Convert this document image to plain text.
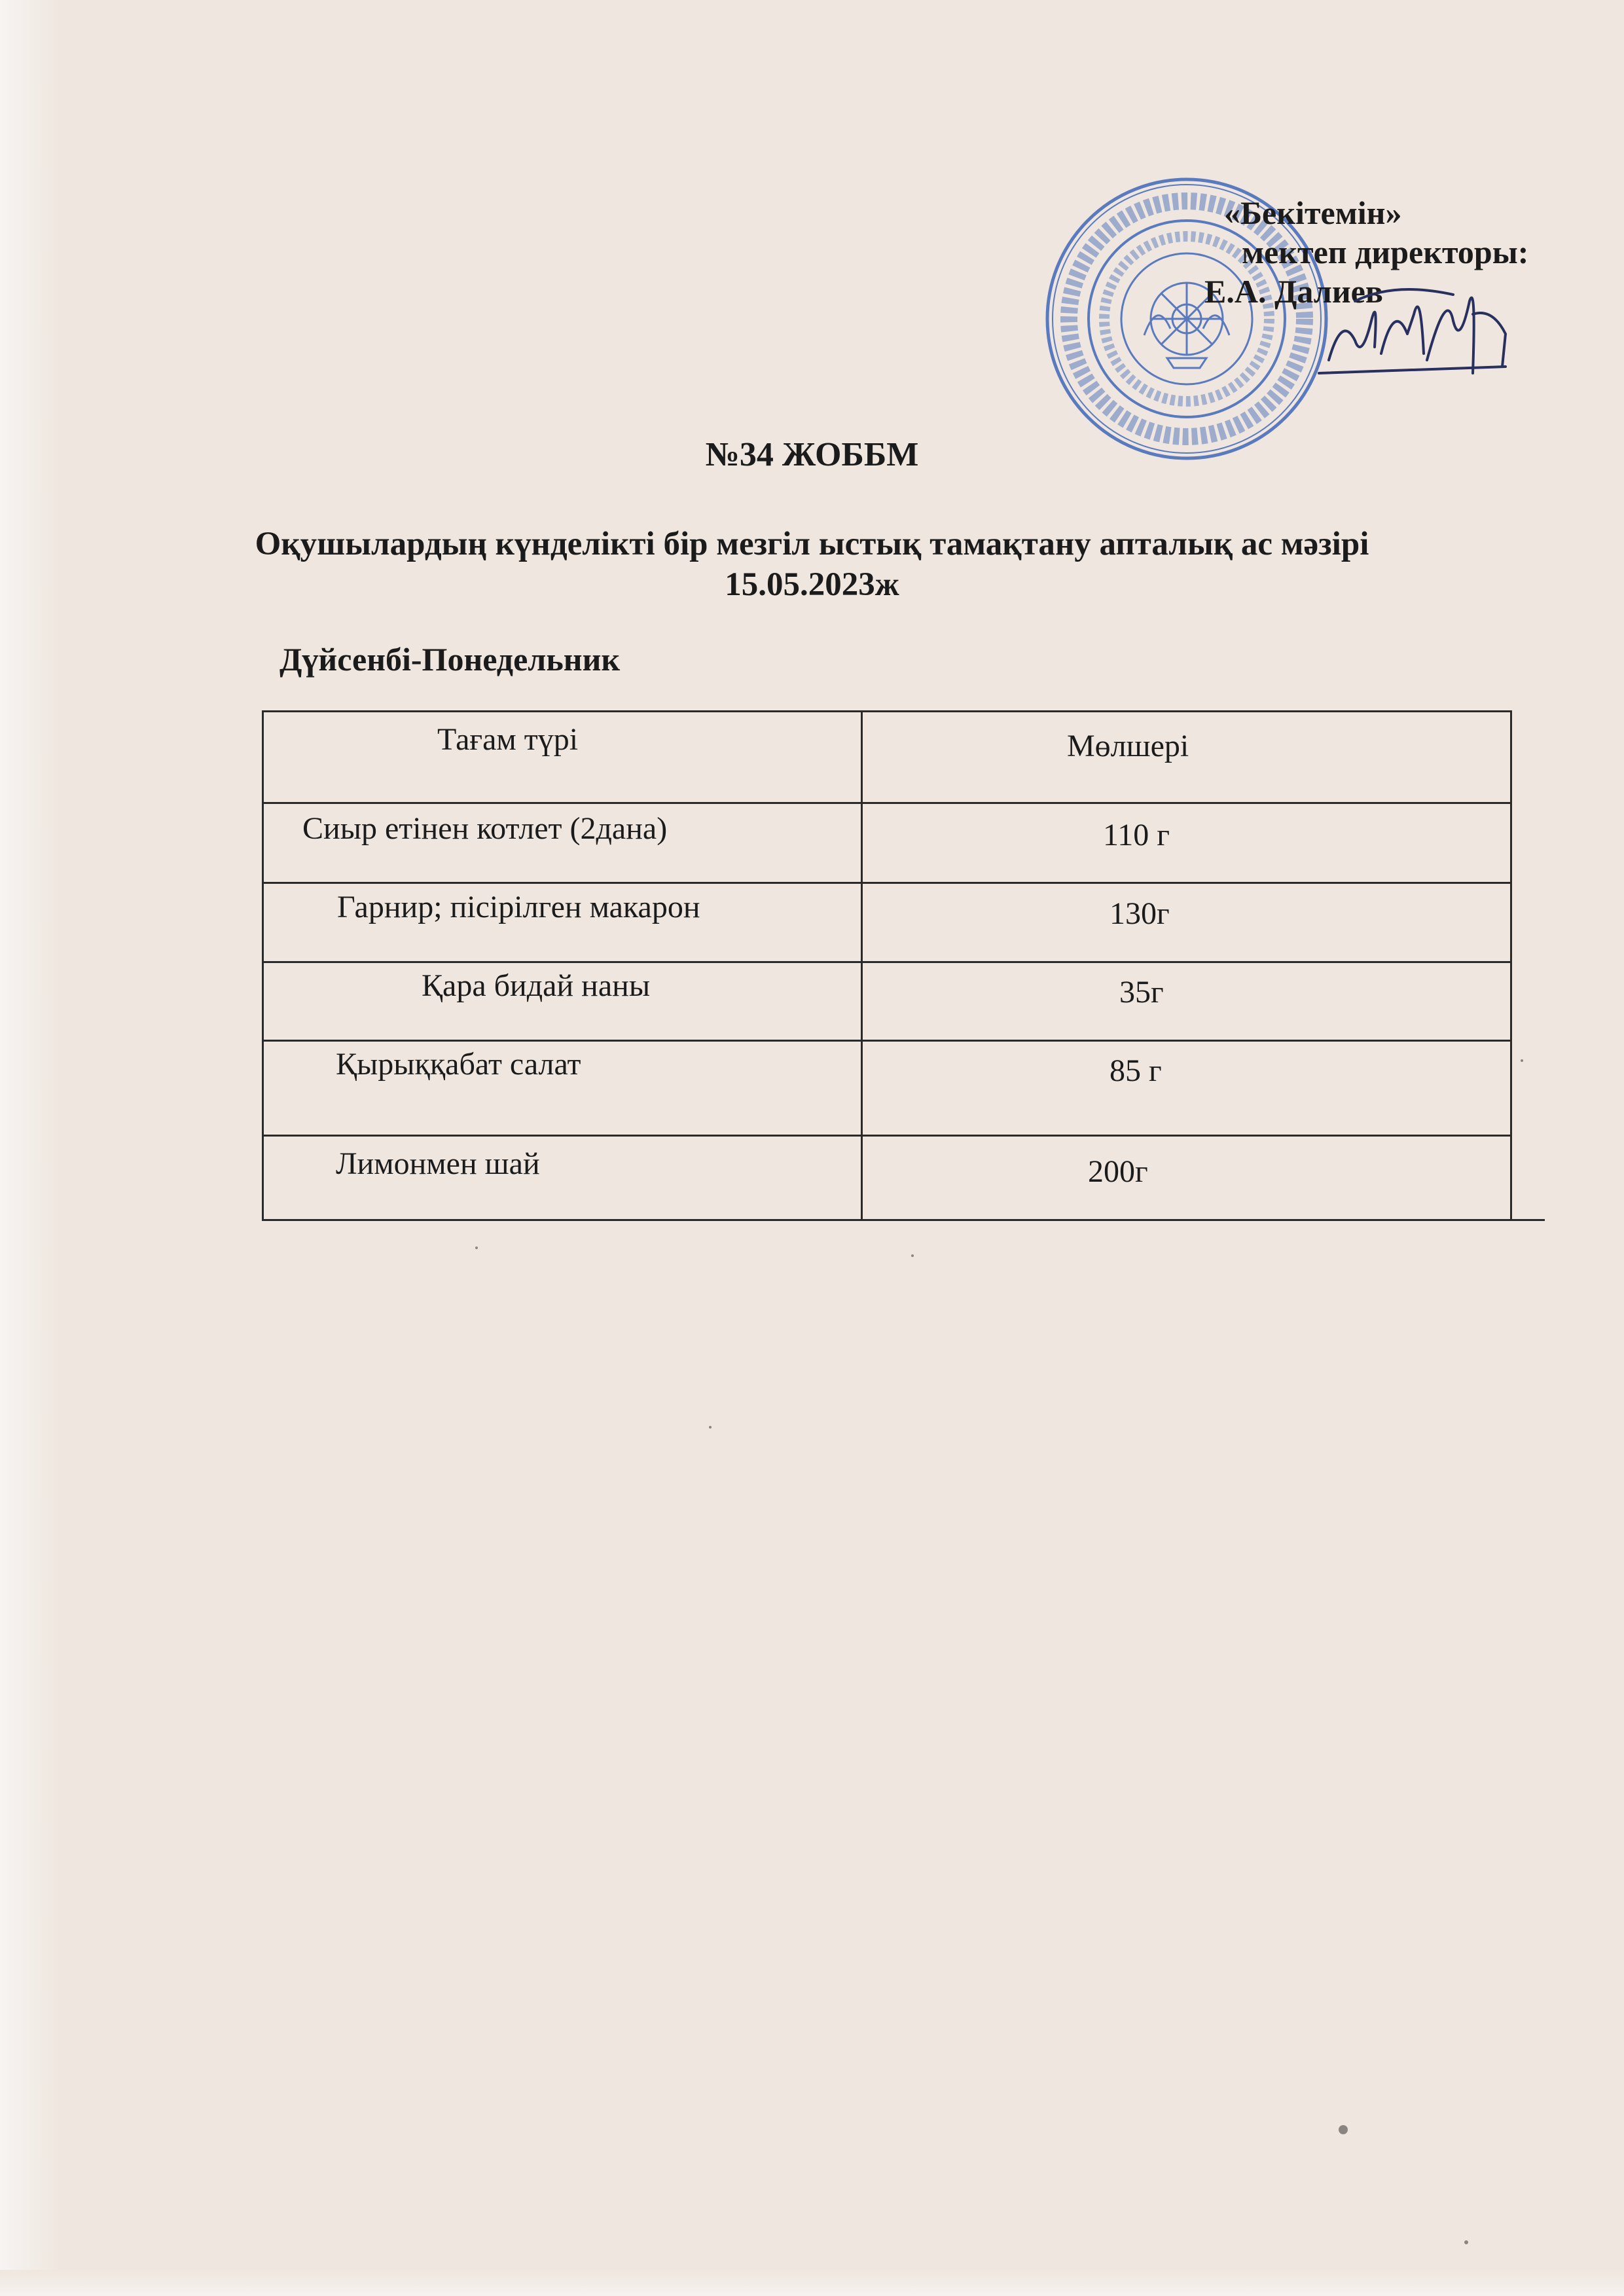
«Бекітемін»
мектеп директоры:
Е.А. Далиев
№34 ЖОББМ
Оқушылардың күнделікті бір мезгіл ыстық тамақтану апталық ас мәзірі
15.05.2023ж
Дүйсенбі-Понедельник
Тағам түрі	Мөлшері
Сиыр етінен котлет (2дана)	110 г
Гарнир; пісірілген макарон	130г
Қара бидай наны	35г
Қырыққабат салат	85 г
Лимонмен шай	200г
